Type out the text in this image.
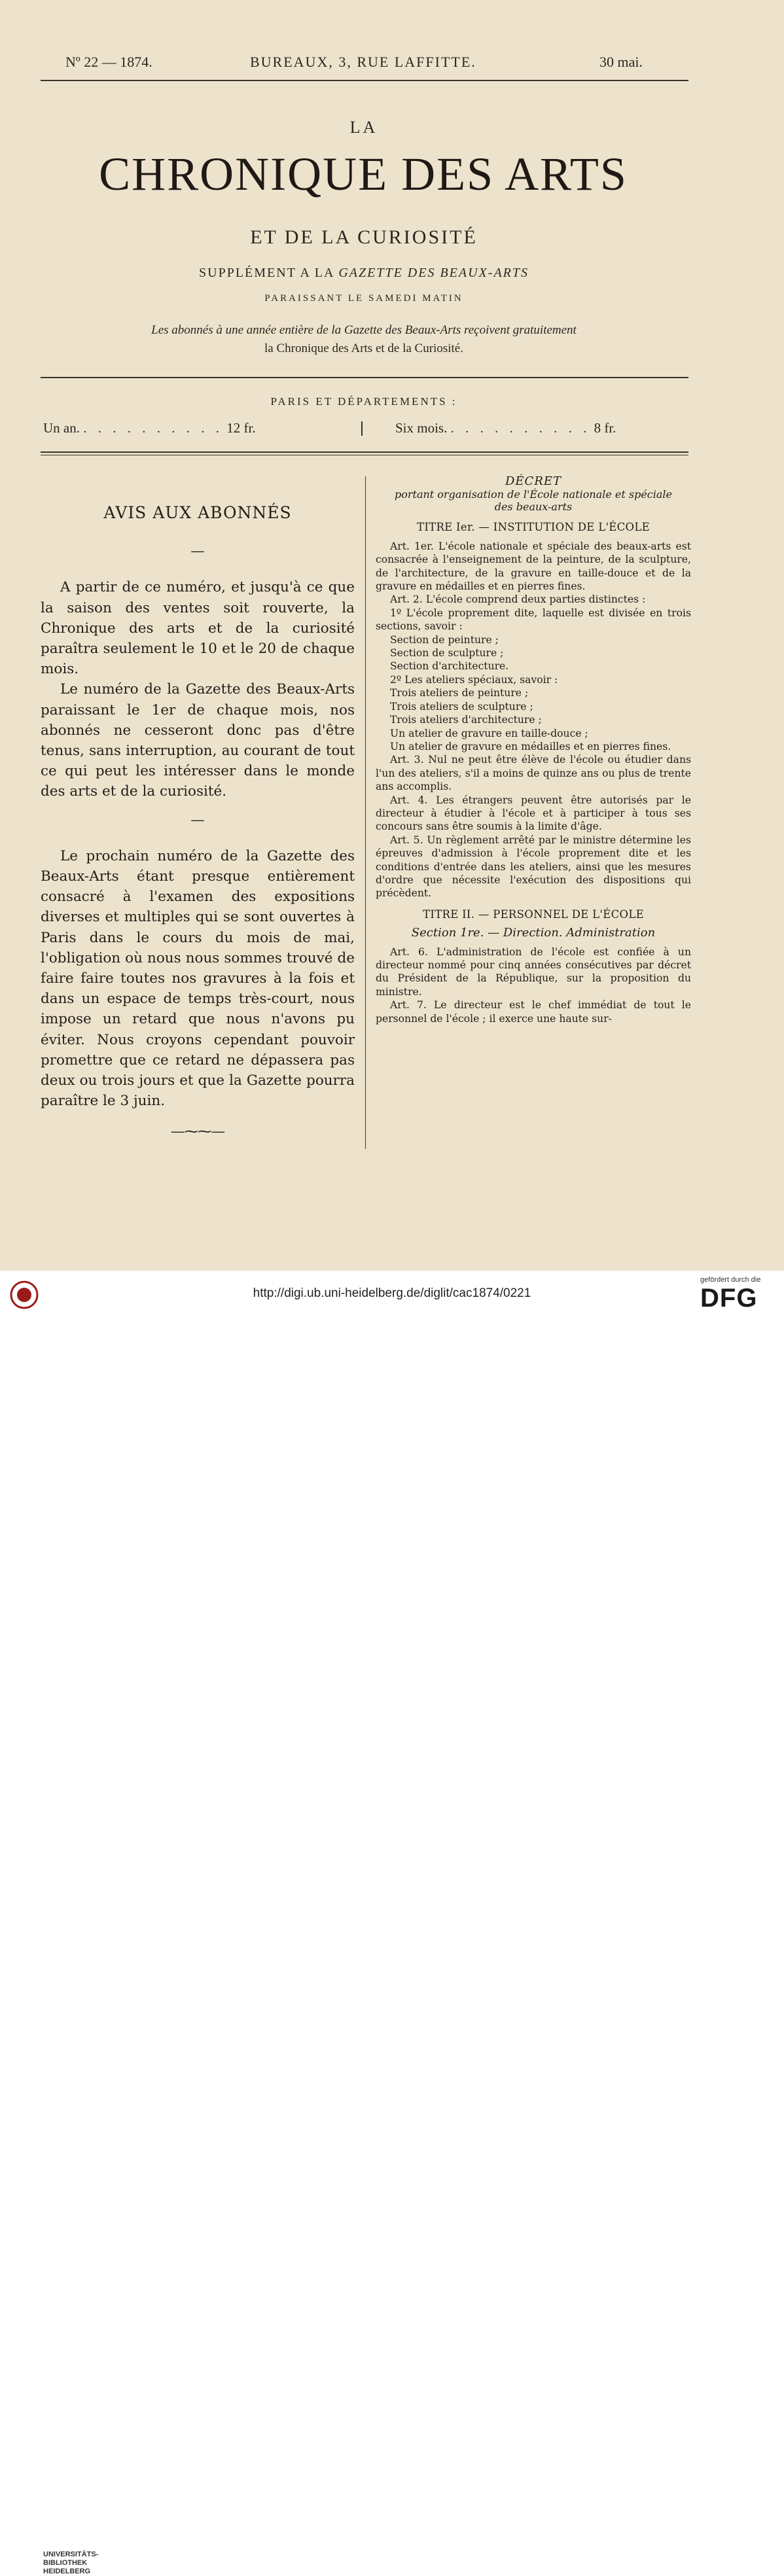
Nº 22 — 1874.	BUREAUX, 3, RUE LAFFITTE.	30 mai.
LA
CHRONIQUE DES ARTS
ET DE LA CURIOSITÉ
SUPPLÉMENT A LA GAZETTE DES BEAUX-ARTS
PARAISSANT LE SAMEDI MATIN
Les abonnés à une année entière de la Gazette des Beaux-Arts reçoivent gratuitement
la Chronique des Arts et de la Curiosité.
PARIS ET DÉPARTEMENTS :
Un an. . . . . . . . . . . 12 fr.	Six mois. . . . . . . . . . . 8 fr.
AVIS AUX ABONNÉS
—

A partir de ce numéro, et jusqu'à ce que la saison des ventes soit rouverte, la Chronique des arts et de la curiosité paraîtra seulement le 10 et le 20 de chaque mois.

Le numéro de la Gazette des Beaux-Arts paraissant le 1er de chaque mois, nos abonnés ne cesseront donc pas d'être tenus, sans interruption, au courant de tout ce qui peut les intéresser dans le monde des arts et de la curiosité.

—

Le prochain numéro de la Gazette des Beaux-Arts étant presque entièrement consacré à l'examen des expositions diverses et multiples qui se sont ouvertes à Paris dans le cours du mois de mai, l'obligation où nous nous sommes trouvé de faire faire toutes nos gravures à la fois et dans un espace de temps très-court, nous impose un retard que nous n'avons pu éviter. Nous croyons cependant pouvoir promettre que ce retard ne dépassera pas deux ou trois jours et que la Gazette pourra paraître le 3 juin.

—⁓⁓—
DÉCRET
portant organisation de l'École nationale et spéciale
des beaux-arts
TITRE Ier. — INSTITUTION DE L'ÉCOLE

Art. 1er. L'école nationale et spéciale des beaux-arts est consacrée à l'enseignement de la peinture, de la sculpture, de l'architecture, de la gravure en taille-douce et de la gravure en médailles et en pierres fines.

Art. 2. L'école comprend deux parties distinctes :

1º L'école proprement dite, laquelle est divisée en trois sections, savoir :

Section de peinture ;

Section de sculpture ;

Section d'architecture.

2º Les ateliers spéciaux, savoir :

Trois ateliers de peinture ;

Trois ateliers de sculpture ;

Trois ateliers d'architecture ;

Un atelier de gravure en taille-douce ;

Un atelier de gravure en médailles et en pierres fines.

Art. 3. Nul ne peut être élève de l'école ou étudier dans l'un des ateliers, s'il a moins de quinze ans ou plus de trente ans accomplis.

Art. 4. Les étrangers peuvent être autorisés par le directeur à étudier à l'école et à participer à tous ses concours sans être soumis à la limite d'âge.

Art. 5. Un règlement arrêté par le ministre détermine les épreuves d'admission à l'école proprement dite et les conditions d'entrée dans les ateliers, ainsi que les mesures d'ordre que nécessite l'exécution des dispositions qui précèdent.

TITRE II. — PERSONNEL DE L'ÉCOLE
Section 1re. — Direction. Administration

Art. 6. L'administration de l'école est confiée à un directeur nommé pour cinq années consécutives par décret du Président de la République, sur la proposition du ministre.

Art. 7. Le directeur est le chef immédiat de tout le personnel de l'école ; il exerce une haute sur-

UNIVERSITÄTS-
BIBLIOTHEK
HEIDELBERG
http://digi.ub.uni-heidelberg.de/diglit/cac1874/0221
gefördert durch die
DFG
